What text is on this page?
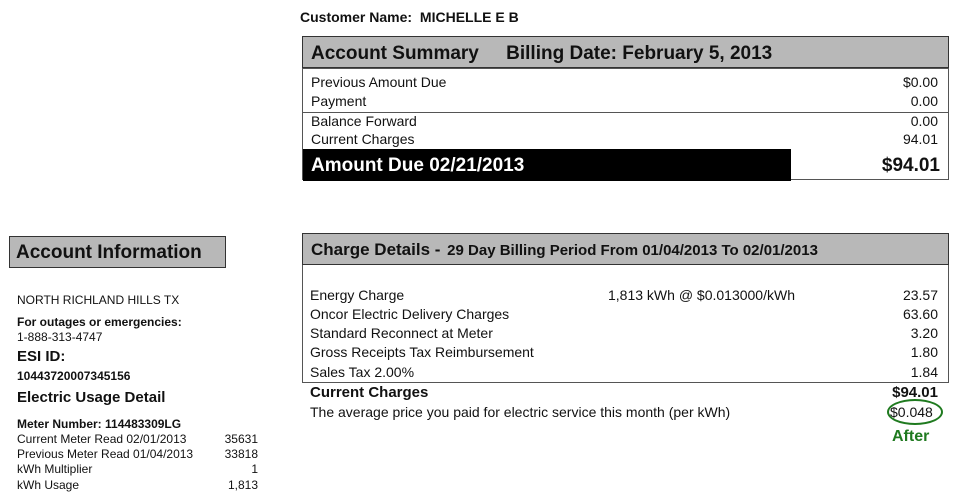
Customer Name: MICHELLE E B
Account Summary Billing Date: February 5, 2013
Previous Amount Due	$0.00
Payment	0.00
Balance Forward	0.00
Current Charges	94.01
Amount Due 02/21/2013	$94.01
Account Information
NORTH RICHLAND HILLS TX
For outages or emergencies:
1-888-313-4747
ESI ID:
10443720007345156
Electric Usage Detail
Meter Number: 114483309LG
Current Meter Read 02/01/2013	35631
Previous Meter Read 01/04/2013	33818
kWh Multiplier	1
kWh Usage	1,813
Charge Details - 29 Day Billing Period From 01/04/2013 To 02/01/2013
Energy Charge	1,813 kWh @ $0.013000/kWh	23.57
Oncor Electric Delivery Charges	63.60
Standard Reconnect at Meter	3.20
Gross Receipts Tax Reimbursement	1.80
Sales Tax 2.00%	1.84
Current Charges	$94.01
The average price you paid for electric service this month (per kWh)	$0.048
After
